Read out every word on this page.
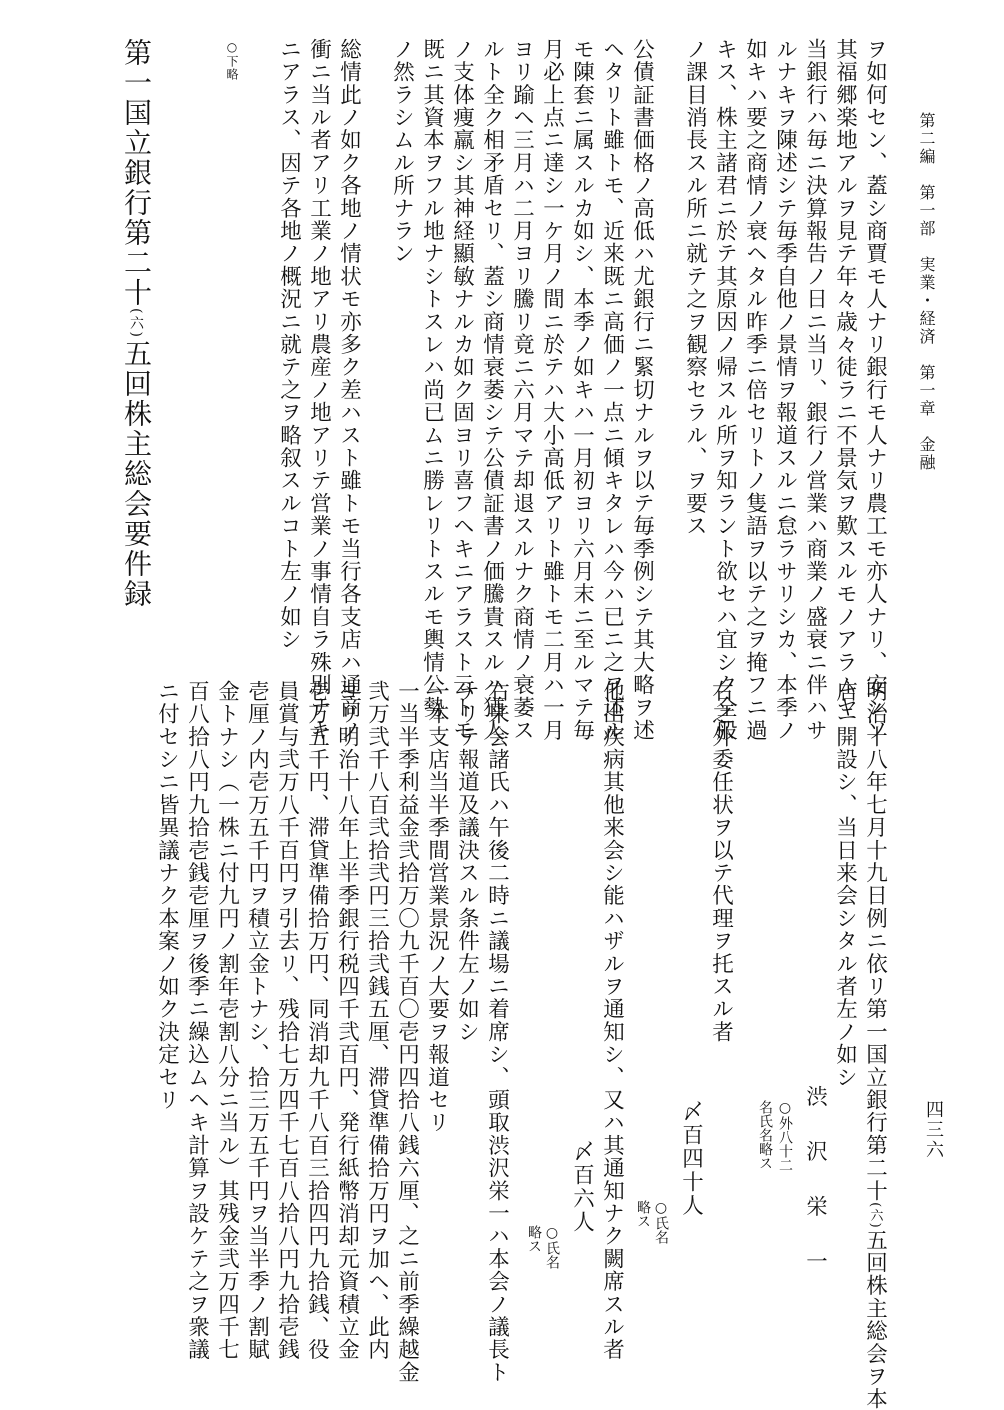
第二編　第一部　実業・経済　第一章　金融
四三六
ヲ如何セン、蓋シ商賈モ人ナリ銀行モ人ナリ農工モ亦人ナリ、安ンソ
其福郷楽地アルヲ見テ年々歳々徒ラニ不景気ヲ歎スルモノアラムヤ
当銀行ハ毎ニ決算報告ノ日ニ当リ、銀行ノ営業ハ商業ノ盛衰ニ伴ハサ
ルナキヲ陳述シテ毎季自他ノ景情ヲ報道スルニ怠ラサリシカ、本季ノ
如キハ要之商情ノ衰ヘタル昨季ニ倍セリトノ隻語ヲ以テ之ヲ掩フニ過
キス、株主諸君ニ於テ其原因ノ帰スル所ヲ知ラント欲セハ宜シク全般
ノ課目消長スル所ニ就テ之ヲ観察セラル、ヲ要ス
公債証書価格ノ高低ハ尤銀行ニ緊切ナルヲ以テ毎季例シテ其大略ヲ述
ヘタリト雖トモ、近来既ニ高価ノ一点ニ傾キタレハ今ハ已ニ之ヲ述ル
モ陳套ニ属スルカ如シ、本季ノ如キハ一月初ヨリ六月末ニ至ルマテ毎
月必上点ニ達シ一ケ月ノ間ニ於テハ大小高低アリト雖トモ二月ハ一月
ヨリ踰ヘ三月ハ二月ヨリ騰リ竟ニ六月マテ却退スルナク商情ノ衰萎ス
ルト全ク相矛盾セリ、蓋シ商情衰萎シテ公債証書ノ価騰貴スルハ猶人
ノ支体痩羸シ其神経顯敏ナルカ如ク固ヨリ喜フヘキニアラスト云トモ
既ニ其資本ヲフル地ナシトスレハ尚已ムニ勝レリトスルモ輿情公勢
ノ然ラシムル所ナラン
総情此ノ如ク各地ノ情状モ亦多ク差ハスト雖トモ当行各支店ハ通商ノ
衝ニ当ル者アリ工業ノ地アリ農産ノ地アリテ営業ノ事情自ラ殊別ナキ
ニアラス、因テ各地ノ概況ニ就テ之ヲ略叙スルコト左ノ如シ
○下略
第一国立銀行第二十(六)五回株主総会要件録
明治十八年七月十九日例ニ依リ第一国立銀行第二十(六)五回株主総会ヲ本
店ニ開設シ、当日来会シタル者左ノ如シ
渋　沢　栄　一
○外八十二
名氏名略ス
右之外委任状ヲ以テ代理ヲ托スル者
〆百四十人
○氏名
略ス
他出疾病其他来会シ能ハザルヲ通知シ、又ハ其通知ナク闕席スル者
〆百六人
○氏名
略ス
右来会諸氏ハ午後二時ニ議場ニ着席シ、頭取渋沢栄一ハ本会ノ議長ト
ナリテ報道及議決スル条件左ノ如シ
一本支店当半季間営業景況ノ大要ヲ報道セリ
一当半季利益金弐拾万〇九千百〇壱円四拾八銭六厘、之ニ前季繰越金
弐万弐千八百弐拾弐円三拾弐銭五厘、滞貸準備拾万円ヲ加ヘ、此内
ヨリ明治十八年上半季銀行税四千弐百円、発行紙幣消却元資積立金
壱万五千円、滞貸準備拾万円、同消却九千八百三拾四円九拾銭、役
員賞与弐万八千百円ヲ引去リ、残拾七万四千七百八拾八円九拾壱銭
壱厘ノ内壱万五千円ヲ積立金トナシ、拾三万五千円ヲ当半季ノ割賦
金トナシ（一株ニ付九円ノ割年壱割八分ニ当ル）其残金弐万四千七
百八拾八円九拾壱銭壱厘ヲ後季ニ繰込ムヘキ計算ヲ設ケテ之ヲ衆議
ニ付セシニ皆異議ナク本案ノ如ク決定セリ
